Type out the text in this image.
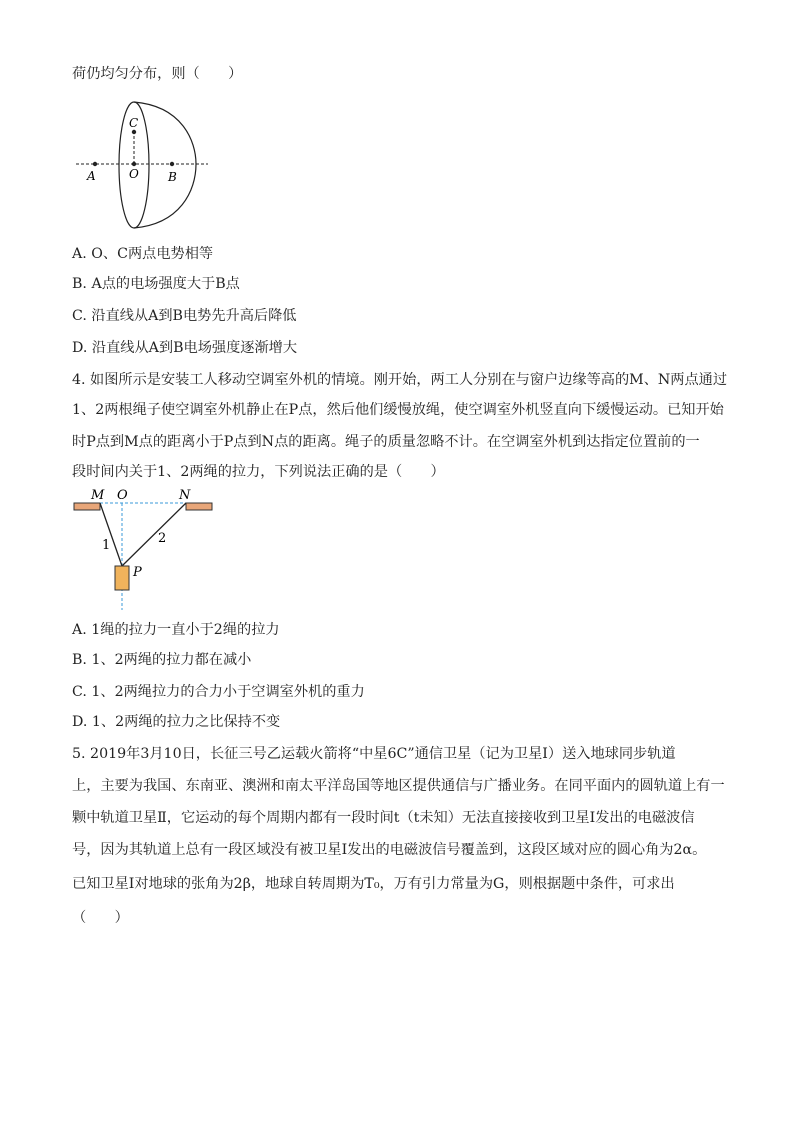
荷仍均匀分布，则（　　）
A	O B
C
A. O、C两点电势相等
B. A点的电场强度大于B点
C. 沿直线从A到B电势先升高后降低
D. 沿直线从A到B电场强度逐渐增大
4. 如图所示是安装工人移动空调室外机的情境。刚开始，两工人分别在与窗户边缘等高的M、N两点通过
1、2两根绳子使空调室外机静止在P点，然后他们缓慢放绳，使空调室外机竖直向下缓慢运动。已知开始
时P点到M点的距离小于P点到N点的距离。绳子的质量忽略不计。在空调室外机到达指定位置前的一
段时间内关于1、2两绳的拉力，下列说法正确的是（　　）
M O	N
1	2
P
A. 1绳的拉力一直小于2绳的拉力
B. 1、2两绳的拉力都在减小
C. 1、2两绳拉力的合力小于空调室外机的重力
D. 1、2两绳的拉力之比保持不变
5. 2019年3月10日，长征三号乙运载火箭将“中星6C”通信卫星（记为卫星Ⅰ）送入地球同步轨道
上，主要为我国、东南亚、澳洲和南太平洋岛国等地区提供通信与广播业务。在同平面内的圆轨道上有一
颗中轨道卫星Ⅱ，它运动的每个周期内都有一段时间t（t未知）无法直接接收到卫星Ⅰ发出的电磁波信
号，因为其轨道上总有一段区域没有被卫星Ⅰ发出的电磁波信号覆盖到，这段区域对应的圆心角为2α。
已知卫星Ⅰ对地球的张角为2β，地球自转周期为T₀，万有引力常量为G，则根据题中条件，可求出
（　　）
